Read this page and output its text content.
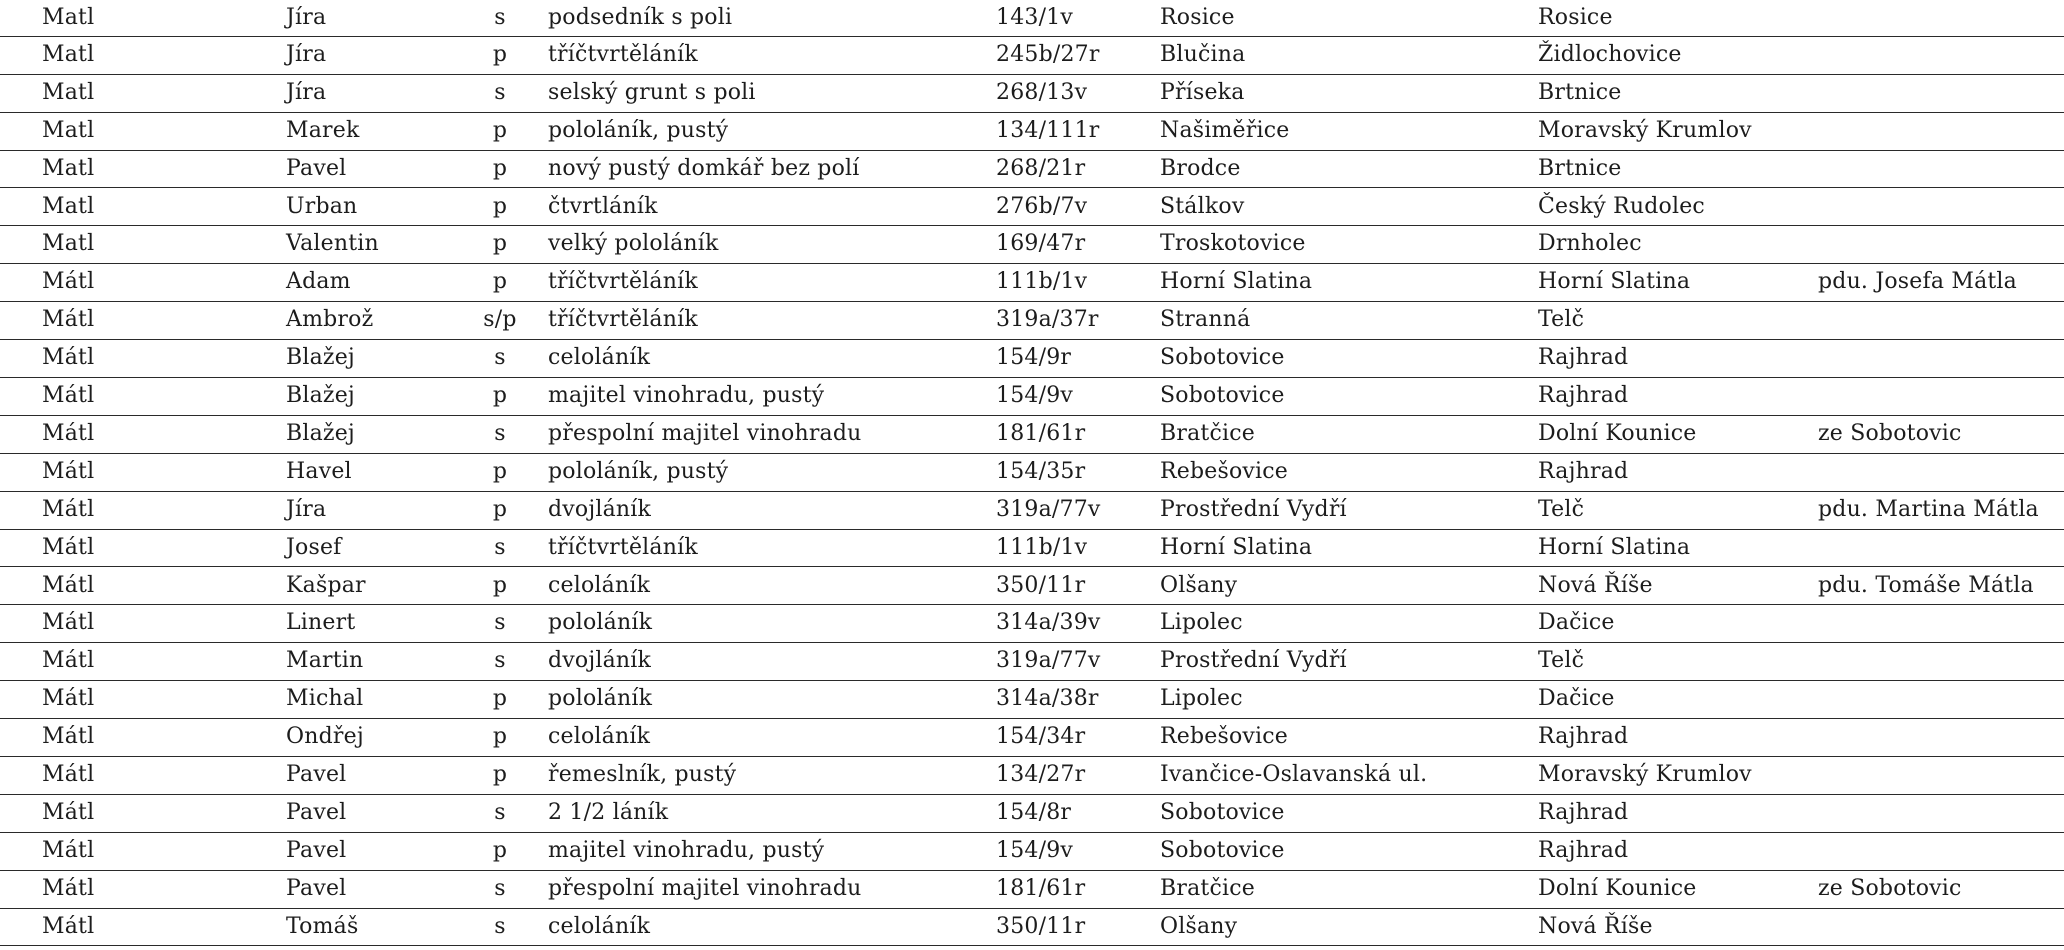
Matl	Jíra	s	podsedník s poli	143/1v	Rosice	Rosice
Matl	Jíra	p	tříčtvrtěláník	245b/27r	Blučina	Židlochovice
Matl	Jíra	s	selský grunt s poli	268/13v	Příseka	Brtnice
Matl	Marek	p	pololáník, pustý	134/111r	Našiměřice	Moravský Krumlov
Matl	Pavel	p	nový pustý domkář bez polí	268/21r	Brodce	Brtnice
Matl	Urban	p	čtvrtláník	276b/7v	Stálkov	Český Rudolec
Matl	Valentin	p	velký pololáník	169/47r	Troskotovice	Drnholec
Mátl	Adam	p	tříčtvrtěláník	111b/1v	Horní Slatina	Horní Slatina	pdu. Josefa Mátla
Mátl	Ambrož	s/p	tříčtvrtěláník	319a/37r	Stranná	Telč
Mátl	Blažej	s	celoláník	154/9r	Sobotovice	Rajhrad
Mátl	Blažej	p	majitel vinohradu, pustý	154/9v	Sobotovice	Rajhrad
Mátl	Blažej	s	přespolní majitel vinohradu	181/61r	Bratčice	Dolní Kounice	ze Sobotovic
Mátl	Havel	p	pololáník, pustý	154/35r	Rebešovice	Rajhrad
Mátl	Jíra	p	dvojláník	319a/77v	Prostřední Vydří	Telč	pdu. Martina Mátla
Mátl	Josef	s	tříčtvrtěláník	111b/1v	Horní Slatina	Horní Slatina
Mátl	Kašpar	p	celoláník	350/11r	Olšany	Nová Říše	pdu. Tomáše Mátla
Mátl	Linert	s	pololáník	314a/39v	Lipolec	Dačice
Mátl	Martin	s	dvojláník	319a/77v	Prostřední Vydří	Telč
Mátl	Michal	p	pololáník	314a/38r	Lipolec	Dačice
Mátl	Ondřej	p	celoláník	154/34r	Rebešovice	Rajhrad
Mátl	Pavel	p	řemeslník, pustý	134/27r	Ivančice-Oslavanská ul.	Moravský Krumlov
Mátl	Pavel	s	2 1/2 láník	154/8r	Sobotovice	Rajhrad
Mátl	Pavel	p	majitel vinohradu, pustý	154/9v	Sobotovice	Rajhrad
Mátl	Pavel	s	přespolní majitel vinohradu	181/61r	Bratčice	Dolní Kounice	ze Sobotovic
Mátl	Tomáš	s	celoláník	350/11r	Olšany	Nová Říše
